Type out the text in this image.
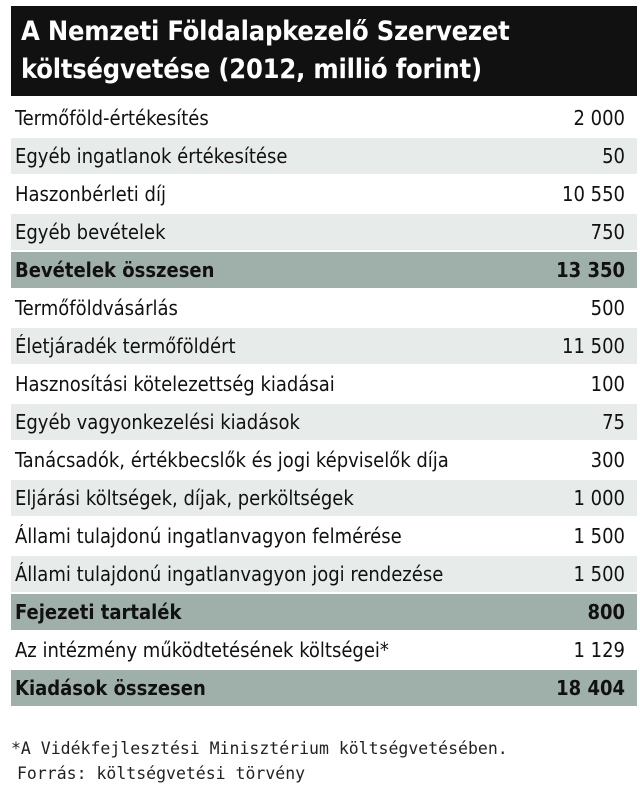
A Nemzeti Földalapkezelő Szervezet
költségvetése (2012, millió forint)
Termőföld-értékesítés	2 000
Egyéb ingatlanok értékesítése	50
Haszonbérleti díj	10 550
Egyéb bevételek	750
Bevételek összesen	13 350
Termőföldvásárlás	500
Életjáradék termőföldért	11 500
Hasznosítási kötelezettség kiadásai	100
Egyéb vagyonkezelési kiadások	75
Tanácsadók, értékbecslők és jogi képviselők díja	300
Eljárási költségek, díjak, perköltségek	1 000
Állami tulajdonú ingatlanvagyon felmérése	1 500
Állami tulajdonú ingatlanvagyon jogi rendezése	1 500
Fejezeti tartalék	800
Az intézmény működtetésének költségei*	1 129
Kiadások összesen	18 404
*A Vidékfejlesztési Minisztérium költségvetésében.
Forrás: költségvetési törvény
